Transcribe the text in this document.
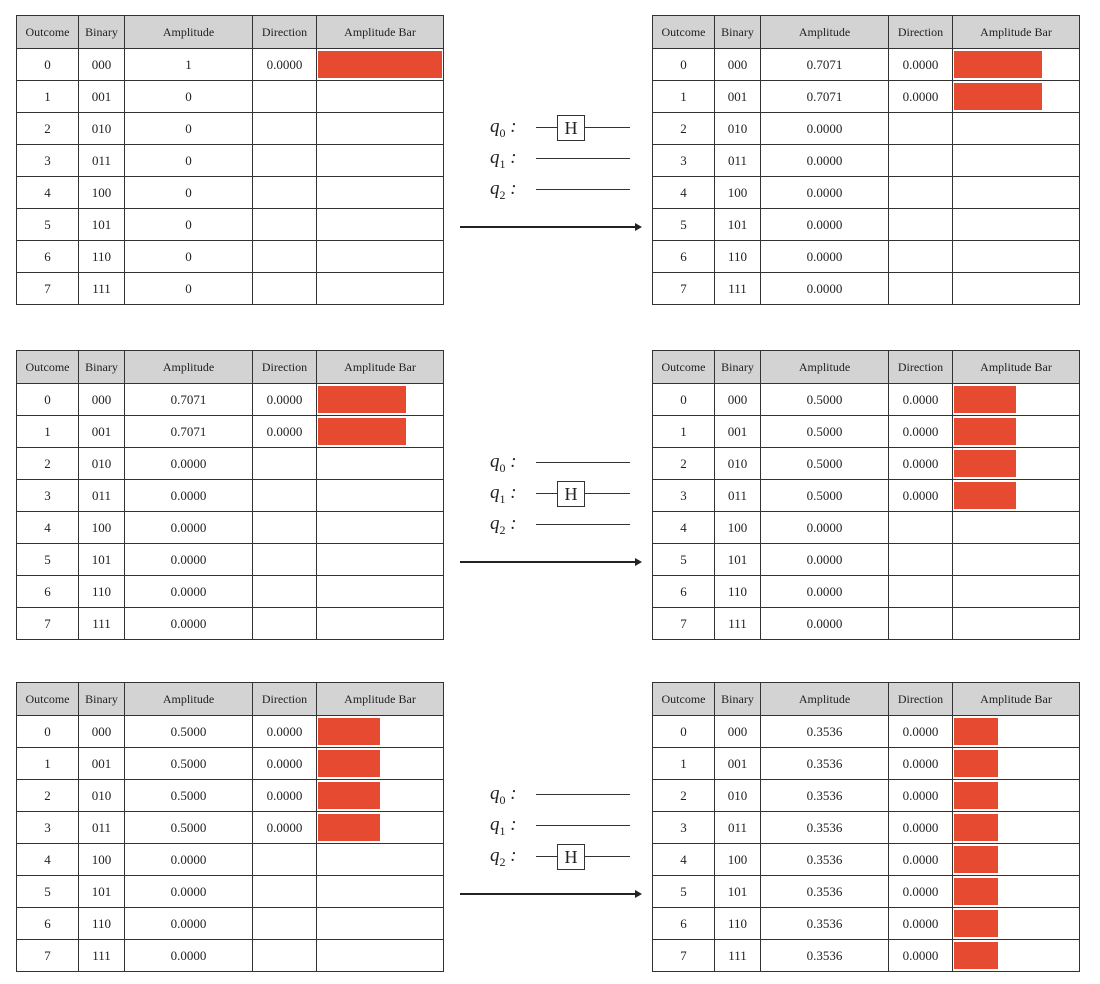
Outcome	Binary	Amplitude	Direction	Amplitude Bar
0	000	1	0.0000	

1	001	0		
2	010	0		
3	011	0		
4	100	0		
5	101	0		
6	110	0		
7	111	0		
$q_0$ :	H
$q_1$ :
$q_2$ :
Outcome	Binary	Amplitude	Direction	Amplitude Bar
0	000	0.7071	0.0000	

1	001	0.7071	0.0000	

2	010	0.0000		
3	011	0.0000		
4	100	0.0000		
5	101	0.0000		
6	110	0.0000		
7	111	0.0000		
Outcome	Binary	Amplitude	Direction	Amplitude Bar
0	000	0.7071	0.0000	

1	001	0.7071	0.0000	

2	010	0.0000		
3	011	0.0000		
4	100	0.0000		
5	101	0.0000		
6	110	0.0000		
7	111	0.0000		
$q_0$ :
$q_1$ :	H
$q_2$ :
Outcome	Binary	Amplitude	Direction	Amplitude Bar
0	000	0.5000	0.0000	

1	001	0.5000	0.0000	

2	010	0.5000	0.0000	

3	011	0.5000	0.0000	

4	100	0.0000		
5	101	0.0000		
6	110	0.0000		
7	111	0.0000		
Outcome	Binary	Amplitude	Direction	Amplitude Bar
0	000	0.5000	0.0000	

1	001	0.5000	0.0000	

2	010	0.5000	0.0000	

3	011	0.5000	0.0000	

4	100	0.0000		
5	101	0.0000		
6	110	0.0000		
7	111	0.0000		
$q_0$ :
$q_1$ :
$q_2$ :	H
Outcome	Binary	Amplitude	Direction	Amplitude Bar
0	000	0.3536	0.0000	

1	001	0.3536	0.0000	

2	010	0.3536	0.0000	

3	011	0.3536	0.0000	

4	100	0.3536	0.0000	

5	101	0.3536	0.0000	

6	110	0.3536	0.0000	

7	111	0.3536	0.0000	
